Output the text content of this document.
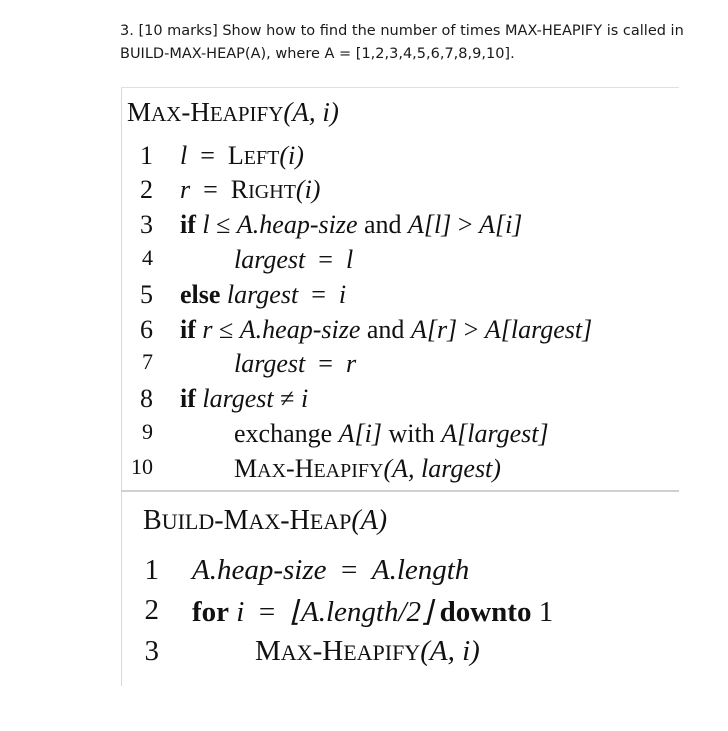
3. [10 marks] Show how to find the number of times MAX-HEAPIFY is called in
BUILD-MAX-HEAP(A), where A = [1,2,3,4,5,6,7,8,9,10].
MAX-HEAPIFY(A, i)
1 l = LEFT(i)
2 r = RIGHT(i)
3 if l ≤ A.heap-size and A[l] > A[i]
4	largest = l
5 else largest = i
6 if r ≤ A.heap-size and A[r] > A[largest]
7	largest = r
8 if largest ≠ i
9	exchange A[i] with A[largest]
10	MAX-HEAPIFY(A, largest)
BUILD-MAX-HEAP(A)
1 A.heap-size = A.length
2 for i = ⌊A.length/2⌋ downto 1
3	MAX-HEAPIFY(A, i)
